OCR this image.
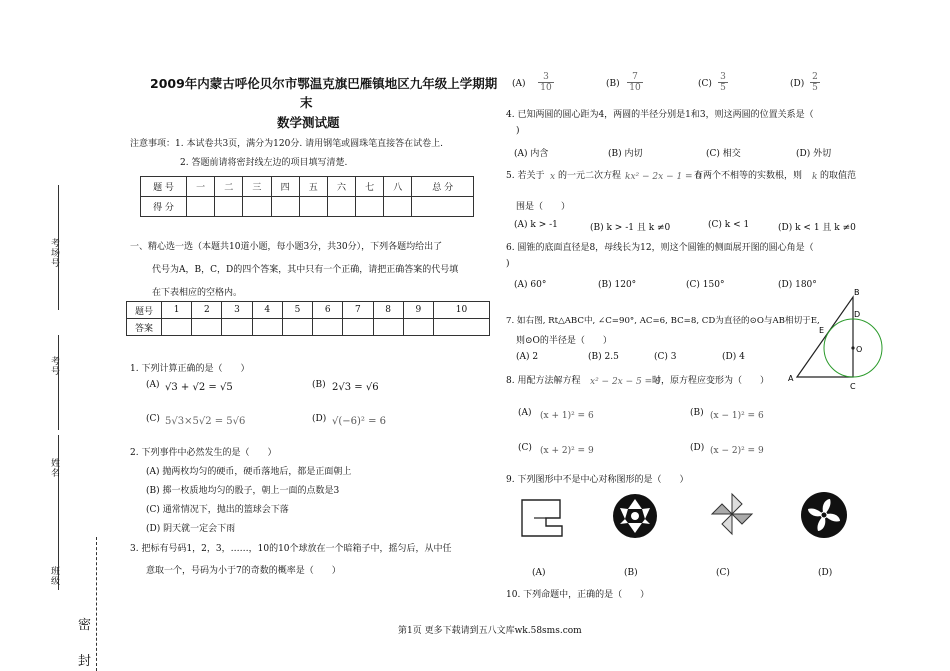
考场号
考号
姓名
班级
密
封
2009年内蒙古呼伦贝尔市鄂温克旗巴雁镇地区九年级上学期期
末
数学测试题
注意事项：1. 本试卷共3页，满分为120分. 请用钢笔或圆珠笔直接答在试卷上.
2. 答题前请将密封线左边的项目填写清楚.
题 号	一	二	三	四	五	六	七	八	总 分
得 分									
一、精心选一选（本题共10道小题，每小题3分，共30分），下列各题均给出了
代号为A，B，C，D的四个答案，其中只有一个正确，请把正确答案的代号填
在下表相应的空格内。
题号	1	2	3	4	5	6	7	8	9	10
答案										
1. 下列计算正确的是（　　）
(A) √3 + √2 = √5	(B) 2√3 = √6
(C) 5√3×5√2 = 5√6	(D) √(−6)² = 6
2. 下列事件中必然发生的是（　　）
(A) 抛两枚均匀的硬币，硬币落地后，都是正面朝上
(B) 掷一枚质地均匀的骰子，朝上一面的点数是3
(C) 通常情况下，抛出的篮球会下落
(D) 阴天就一定会下雨
3. 把标有号码1，2，3，……，10的10个球放在一个暗箱子中，摇匀后，从中任
意取一个，号码为小于7的奇数的概率是（　　）
$(A) \frac{3}{10}$	$(B) \frac{7}{10}$	$(C) \frac{3}{5}$	$(D) \frac{2}{5}$
4. 已知两圆的圆心距为4，两圆的半径分别是1和3，则这两圆的位置关系是（
)
(A) 内含	(B) 内切	(C) 相交	(D) 外切
5. 若关于 x 的一元二次方程 kx² − 2x − 1 = 0
有两个不相等的实数根，则 k 的取值范
围是（　　）
(A) k > -1	(B) k > -1 且 k ≠0	(C) k < 1	(D) k < 1 且 k ≠0
6. 圆锥的底面直径是8，母线长为12，则这个圆锥的侧面展开图的圆心角是（
)
(A) 60°	(B) 120°	(C) 150°	(D) 180°
7. 如右图, Rt△ABC中, ∠C=90°, AC=6, BC=8, CD为直径的⊙O与AB相切于E,
则⊙O的半径是（　　）
(A) 2	(B) 2.5	(C) 3	(D) 4
B
D
E
O
A
C
8. 用配方法解方程 x² − 2x − 5 = 0
时，原方程应变形为（　　）
(A) (x + 1)² = 6	(B) (x − 1)² = 6
(C) (x + 2)² = 9	(D) (x − 2)² = 9
9. 下列图形中不是中心对称图形的是（　　）
(A)	(B)	(C)	(D)
10. 下列命题中，正确的是（　　）
第1页 更多下载请到五八文库wk.58sms.com
